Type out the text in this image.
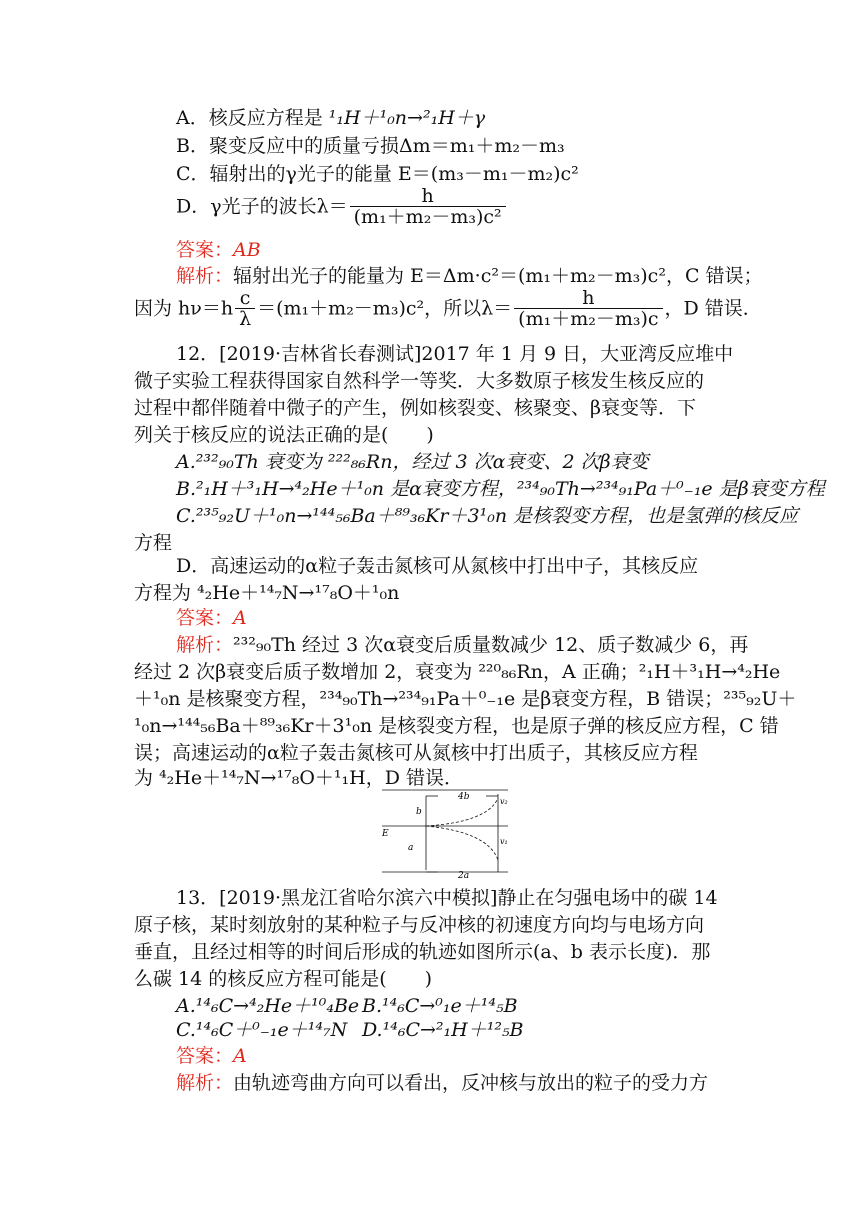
A．核反应方程是 ¹₁H＋¹₀n→²₁H＋γ
B．聚变反应中的质量亏损Δm＝m₁＋m₂－m₃
C．辐射出的γ光子的能量 E＝(m₃－m₁－m₂)c²
D．γ光子的波长$\lambda= \frac{h}{\text{(m₁＋m₂－m₃)c²}}$
答案：AB
解析：辐射出光子的能量为 E＝Δm·c²＝(m₁＋m₂－m₃)c²，C 错误；
因为 $h\nu=h \frac{c}{\lambda} =(m_1+m_2-m_3)c^2$，所以$\lambda= \frac{h}{\text{(m₁＋m₂－m₃)c}}$ ，D 错误．
12．[2019·吉林省长春测试]2017 年 1 月 9 日，大亚湾反应堆中
微子实验工程获得国家自然科学一等奖．大多数原子核发生核反应的
过程中都伴随着中微子的产生，例如核裂变、核聚变、β衰变等．下
列关于核反应的说法正确的是(　　)
A.²³²₉₀Th 衰变为 ²²²₈₆Rn，经过 3 次α衰变、2 次β衰变
B.²₁H＋³₁H→⁴₂He＋¹₀n 是α衰变方程，²³⁴₉₀Th→²³⁴₉₁Pa＋⁰₋₁e 是β衰变方程
C.²³⁵₉₂U＋¹₀n→¹⁴⁴₅₆Ba＋⁸⁹₃₆Kr＋3¹₀n 是核裂变方程，也是氢弹的核反应
方程
D．高速运动的α粒子轰击氮核可从氮核中打出中子，其核反应
方程为 ⁴₂He＋¹⁴₇N→¹⁷₈O＋¹₀n
答案：A
解析：²³²₉₀Th 经过 3 次α衰变后质量数减少 12、质子数减少 6，再
经过 2 次β衰变后质子数增加 2，衰变为 ²²⁰₈₆Rn，A 正确；²₁H＋³₁H→⁴₂He
＋¹₀n 是核聚变方程，²³⁴₉₀Th→²³⁴₉₁Pa＋⁰₋₁e 是β衰变方程，B 错误；²³⁵₉₂U＋
¹₀n→¹⁴⁴₅₆Ba＋⁸⁹₃₆Kr＋3¹₀n 是核裂变方程，也是原子弹的核反应方程，C 错
误；高速运动的α粒子轰击氮核可从氮核中打出质子，其核反应方程
为 ⁴₂He＋¹⁴₇N→¹⁷₈O＋¹₁H，D 错误．
4b
b
a
2a
E
v₂
v₁
13．[2019·黑龙江省哈尔滨六中模拟]静止在匀强电场中的碳 14
原子核，某时刻放射的某种粒子与反冲核的初速度方向均与电场方向
垂直，且经过相等的时间后形成的轨迹如图所示(a、b 表示长度)．那
么碳 14 的核反应方程可能是(　　)
A.¹⁴₆C→⁴₂He＋¹⁰₄Be B.¹⁴₆C→⁰₁e＋¹⁴₅B
C.¹⁴₆C＋⁰₋₁e＋¹⁴₇N D.¹⁴₆C→²₁H＋¹²₅B
答案：A
解析：由轨迹弯曲方向可以看出，反冲核与放出的粒子的受力方
